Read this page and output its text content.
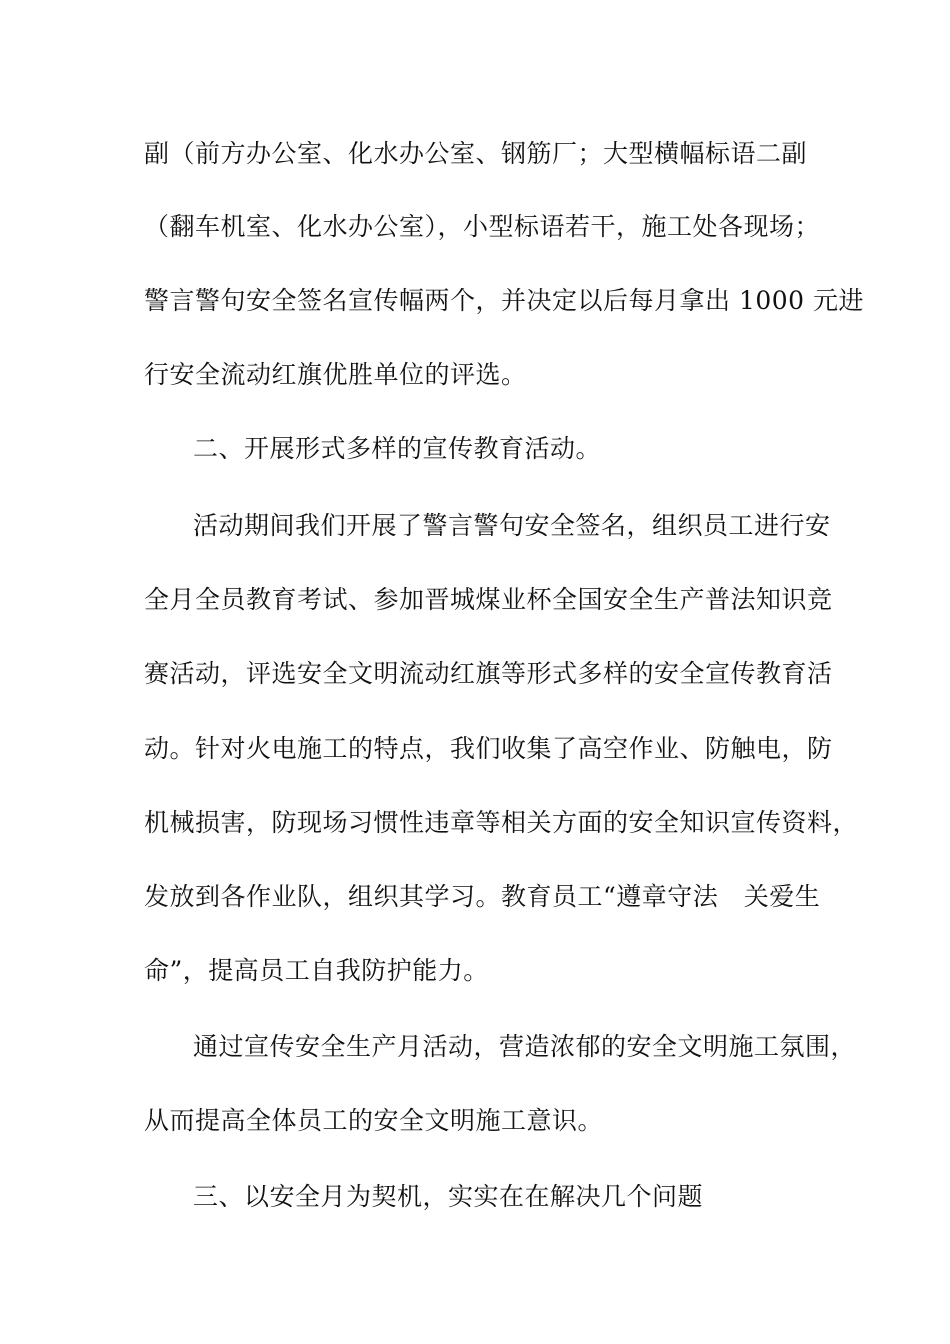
副（前方办公室、化水办公室、钢筋厂；大型横幅标语二副
（翻车机室、化水办公室），小型标语若干，施工处各现场；
警言警句安全签名宣传幅两个，并决定以后每月拿出 1000 元进
行安全流动红旗优胜单位的评选。
二、开展形式多样的宣传教育活动。
活动期间我们开展了警言警句安全签名，组织员工进行安
全月全员教育考试、参加晋城煤业杯全国安全生产普法知识竞
赛活动，评选安全文明流动红旗等形式多样的安全宣传教育活
动。针对火电施工的特点，我们收集了高空作业、防触电，防
机械损害，防现场习惯性违章等相关方面的安全知识宣传资料，
发放到各作业队，组织其学习。教育员工“遵章守法　关爱生
命”，提高员工自我防护能力。
通过宣传安全生产月活动，营造浓郁的安全文明施工氛围，
从而提高全体员工的安全文明施工意识。
三、以安全月为契机，实实在在解决几个问题
